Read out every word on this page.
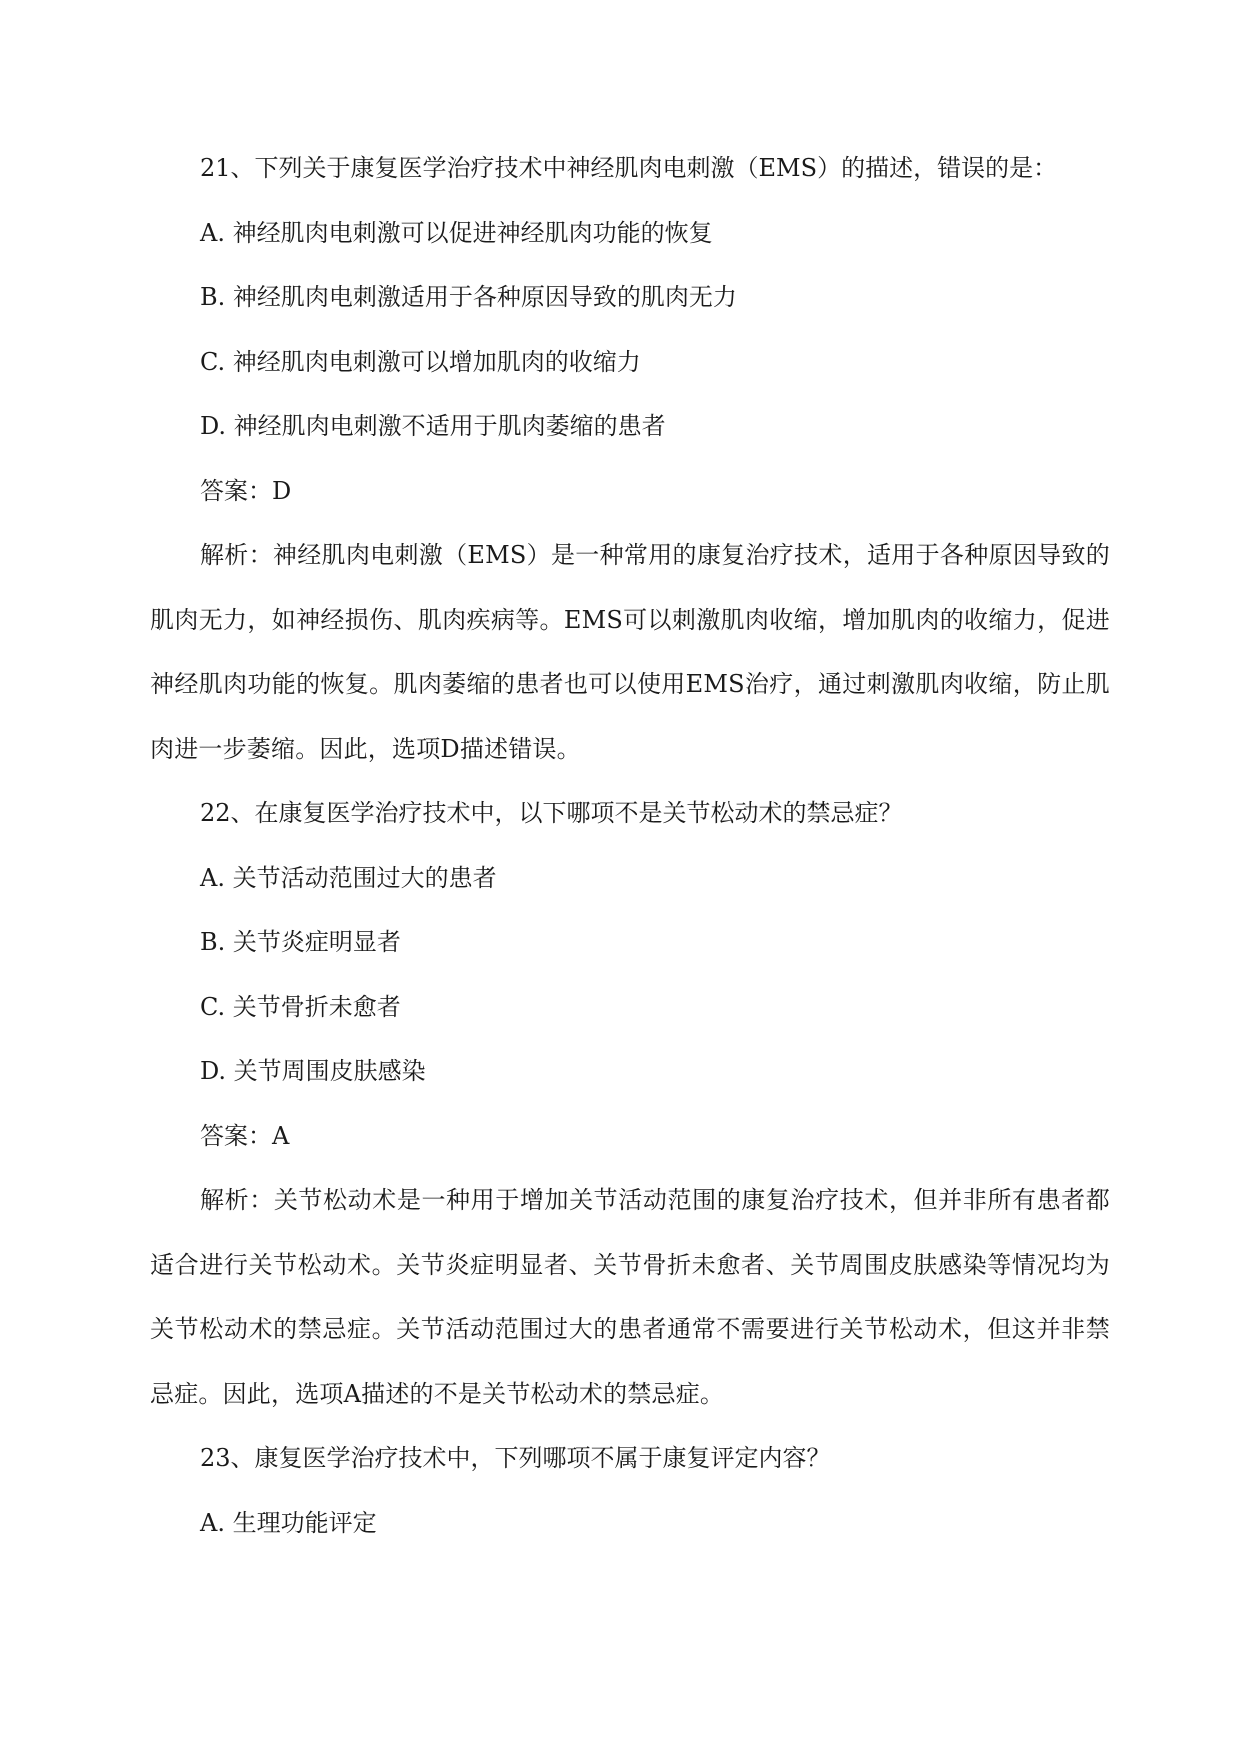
21、下列关于康复医学治疗技术中神经肌肉电刺激（EMS）的描述，错误的是：
A. 神经肌肉电刺激可以促进神经肌肉功能的恢复
B. 神经肌肉电刺激适用于各种原因导致的肌肉无力
C. 神经肌肉电刺激可以增加肌肉的收缩力
D. 神经肌肉电刺激不适用于肌肉萎缩的患者
答案：D
解析：神经肌肉电刺激（EMS）是一种常用的康复治疗技术，适用于各种原因导致的肌肉无力，如神经损伤、肌肉疾病等。EMS可以刺激肌肉收缩，增加肌肉的收缩力，促进神经肌肉功能的恢复。肌肉萎缩的患者也可以使用EMS治疗，通过刺激肌肉收缩，防止肌肉进一步萎缩。因此，选项D描述错误。
22、在康复医学治疗技术中，以下哪项不是关节松动术的禁忌症？
A. 关节活动范围过大的患者
B. 关节炎症明显者
C. 关节骨折未愈者
D. 关节周围皮肤感染
答案：A
解析：关节松动术是一种用于增加关节活动范围的康复治疗技术，但并非所有患者都适合进行关节松动术。关节炎症明显者、关节骨折未愈者、关节周围皮肤感染等情况均为关节松动术的禁忌症。关节活动范围过大的患者通常不需要进行关节松动术，但这并非禁忌症。因此，选项A描述的不是关节松动术的禁忌症。
23、康复医学治疗技术中，下列哪项不属于康复评定内容？
A. 生理功能评定
